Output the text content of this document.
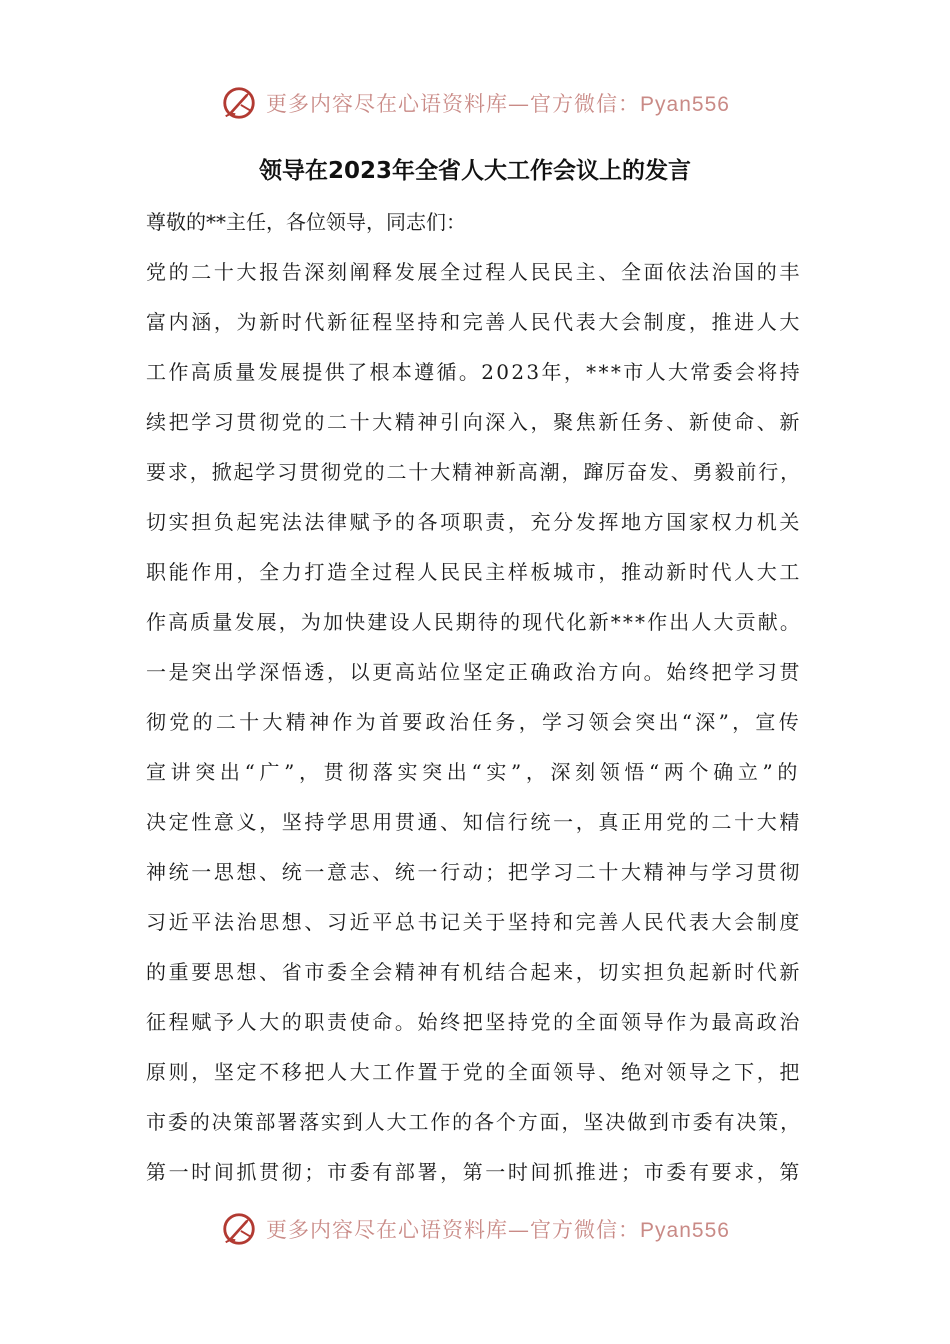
更多内容尽在心语资料库—官方微信：Pyan556
领导在2023年全省人大工作会议上的发言
尊敬的**主任，各位领导，同志们：
党的二十大报告深刻阐释发展全过程人民民主、全面依法治国的丰
富内涵，为新时代新征程坚持和完善人民代表大会制度，推进人大
工作高质量发展提供了根本遵循。2023年，***市人大常委会将持
续把学习贯彻党的二十大精神引向深入，聚焦新任务、新使命、新
要求，掀起学习贯彻党的二十大精神新高潮，蹿厉奋发、勇毅前行，
切实担负起宪法法律赋予的各项职责，充分发挥地方国家权力机关
职能作用，全力打造全过程人民民主样板城市，推动新时代人大工
作高质量发展，为加快建设人民期待的现代化新***作出人大贡献。
一是突出学深悟透，以更高站位坚定正确政治方向。始终把学习贯
彻党的二十大精神作为首要政治任务，学习领会突出“深”，宣传
宣讲突出“广”，贯彻落实突出“实”，深刻领悟“两个确立”的
决定性意义，坚持学思用贯通、知信行统一，真正用党的二十大精
神统一思想、统一意志、统一行动；把学习二十大精神与学习贯彻
习近平法治思想、习近平总书记关于坚持和完善人民代表大会制度
的重要思想、省市委全会精神有机结合起来，切实担负起新时代新
征程赋予人大的职责使命。始终把坚持党的全面领导作为最高政治
原则，坚定不移把人大工作置于党的全面领导、绝对领导之下，把
市委的决策部署落实到人大工作的各个方面，坚决做到市委有决策，
第一时间抓贯彻；市委有部署，第一时间抓推进；市委有要求，第
更多内容尽在心语资料库—官方微信：Pyan556
